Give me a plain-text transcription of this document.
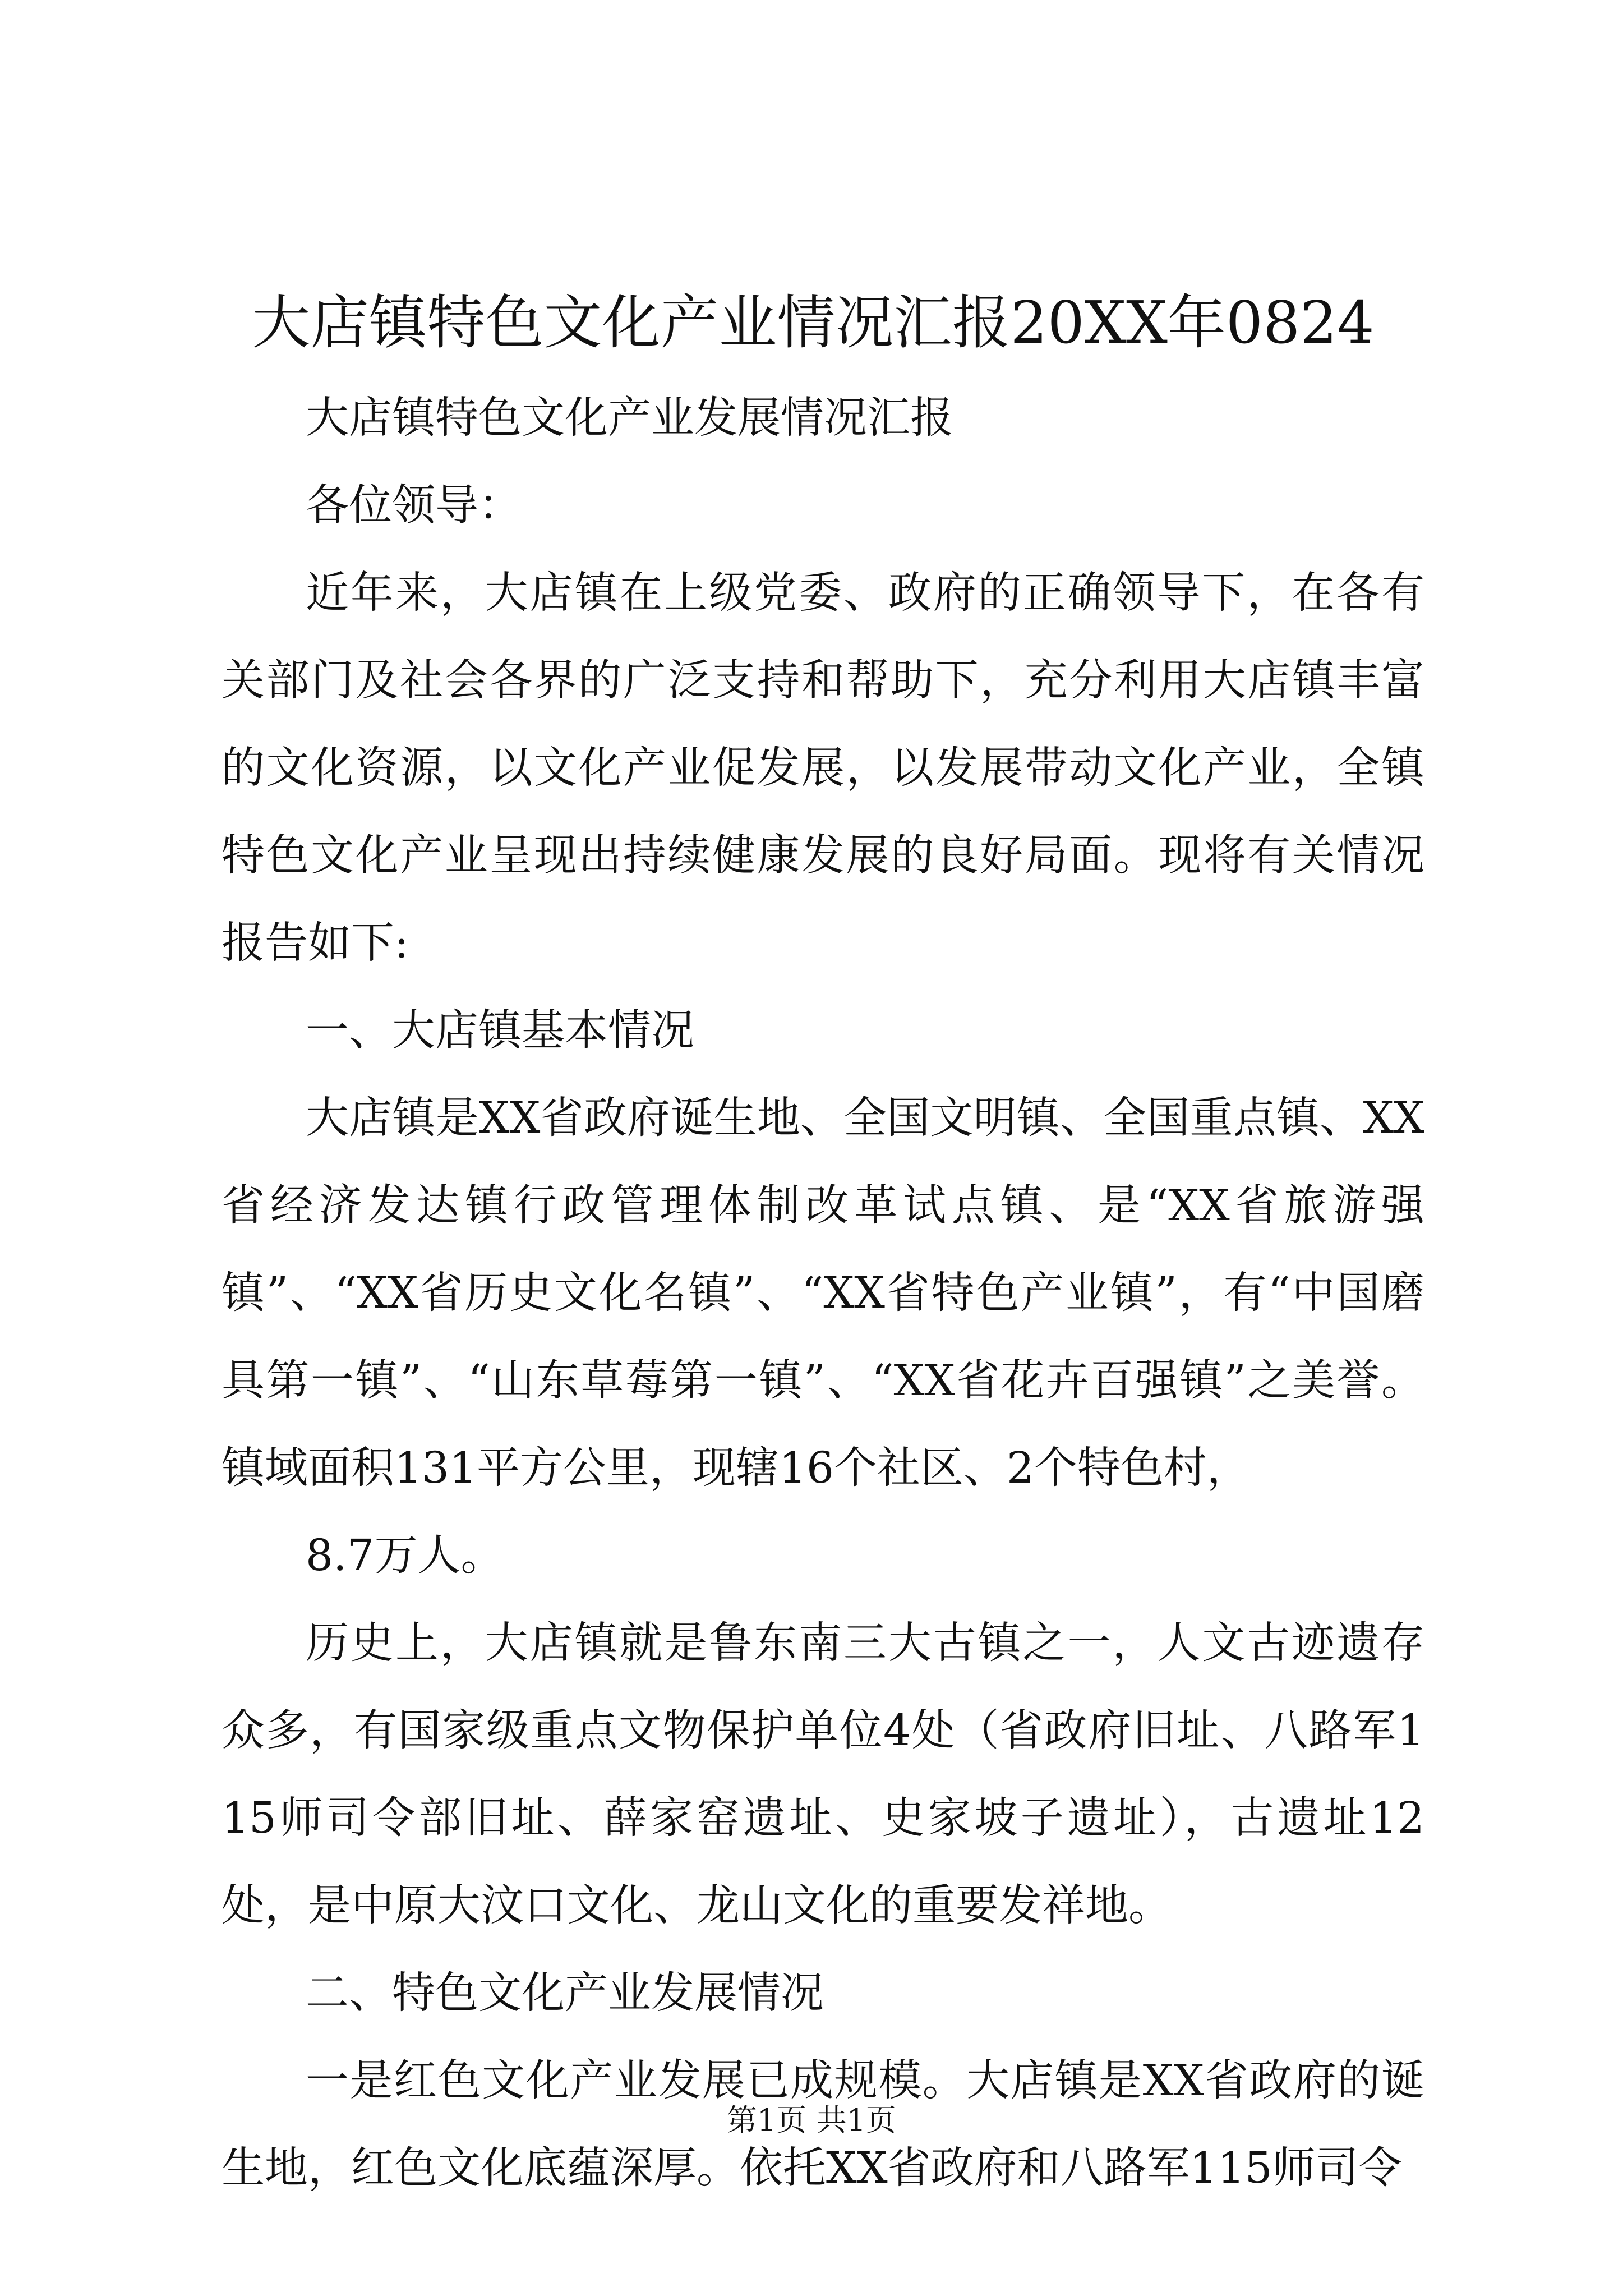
大店镇特色文化产业情况汇报20XX年0824

大店镇特色文化产业发展情况汇报

各位领导：

近年来，大店镇在上级党委、政府的正确领导下，在各有关部门及社会各界的广泛支持和帮助下，充分利用大店镇丰富的文化资源，以文化产业促发展，以发展带动文化产业，全镇特色文化产业呈现出持续健康发展的良好局面。现将有关情况报告如下:

一、大店镇基本情况

大店镇是XX省政府诞生地、全国文明镇、全国重点镇、XX省经济发达镇行政管理体制改革试点镇、是“XX省旅游强镇”、“XX省历史文化名镇”、“XX省特色产业镇”，有“中国磨具第一镇”、“山东草莓第一镇”、“XX省花卉百强镇”之美誉。镇域面积131平方公里，现辖16个社区、2个特色村，

8.7万人。

历史上，大店镇就是鲁东南三大古镇之一，人文古迹遗存众多，有国家级重点文物保护单位4处（省政府旧址、八路军115师司令部旧址、薛家窑遗址、史家坡子遗址），古遗址12处，是中原大汶口文化、龙山文化的重要发祥地。

二、特色文化产业发展情况

一是红色文化产业发展已成规模。大店镇是XX省政府的诞生地，红色文化底蕴深厚。依托XX省政府和八路军115师司令

第1页 共1页
